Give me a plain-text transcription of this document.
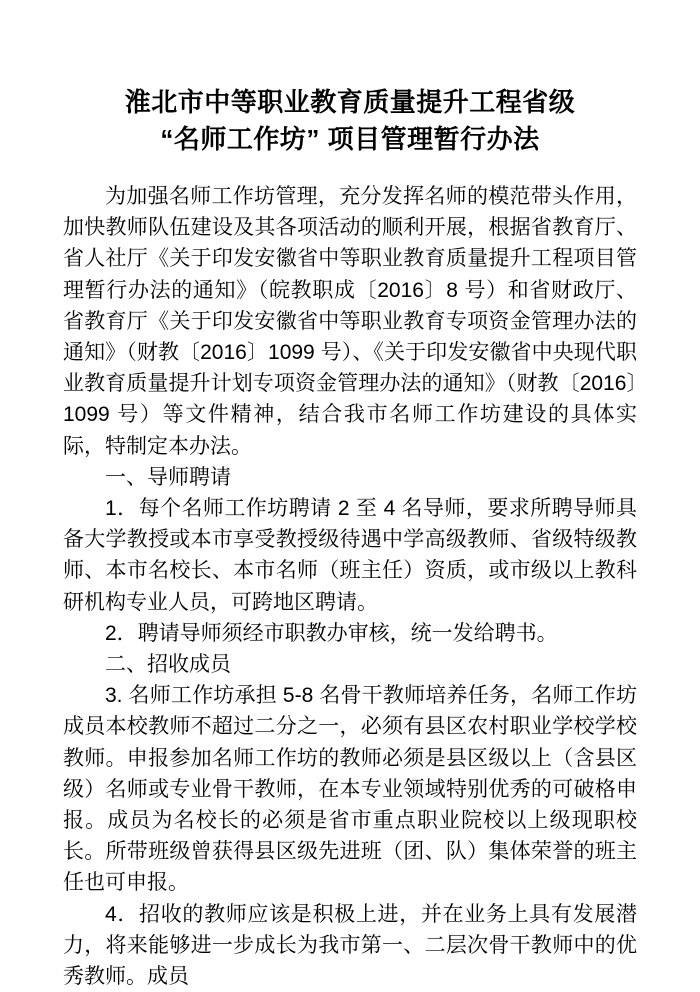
淮北市中等职业教育质量提升工程省级
“名师工作坊” 项目管理暂行办法

为加强名师工作坊管理，充分发挥名师的模范带头作用，加快教师队伍建设及其各项活动的顺利开展，根据省教育厅、省人社厅《关于印发安徽省中等职业教育质量提升工程项目管理暂行办法的通知》（皖教职成〔2016〕8 号）和省财政厅、省教育厅《关于印发安徽省中等职业教育专项资金管理办法的通知》（财教〔2016〕1099 号）、《关于印发安徽省中央现代职业教育质量提升计划专项资金管理办法的通知》（财教〔2016〕1099 号）等文件精神，结合我市名师工作坊建设的具体实际，特制定本办法。

一、导师聘请

1．每个名师工作坊聘请 2 至 4 名导师，要求所聘导师具备大学教授或本市享受教授级待遇中学高级教师、省级特级教师、本市名校长、本市名师（班主任）资质，或市级以上教科研机构专业人员，可跨地区聘请。

2．聘请导师须经市职教办审核，统一发给聘书。

二、招收成员

3. 名师工作坊承担 5-8 名骨干教师培养任务，名师工作坊成员本校教师不超过二分之一，必须有县区农村职业学校学校教师。申报参加名师工作坊的教师必须是县区级以上（含县区级）名师或专业骨干教师，在本专业领域特别优秀的可破格申报。成员为名校长的必须是省市重点职业院校以上级现职校长。所带班级曾获得县区级先进班（团、队）集体荣誉的班主任也可申报。

4．招收的教师应该是积极上进，并在业务上具有发展潜力，将来能够进一步成长为我市第一、二层次骨干教师中的优秀教师。成员
